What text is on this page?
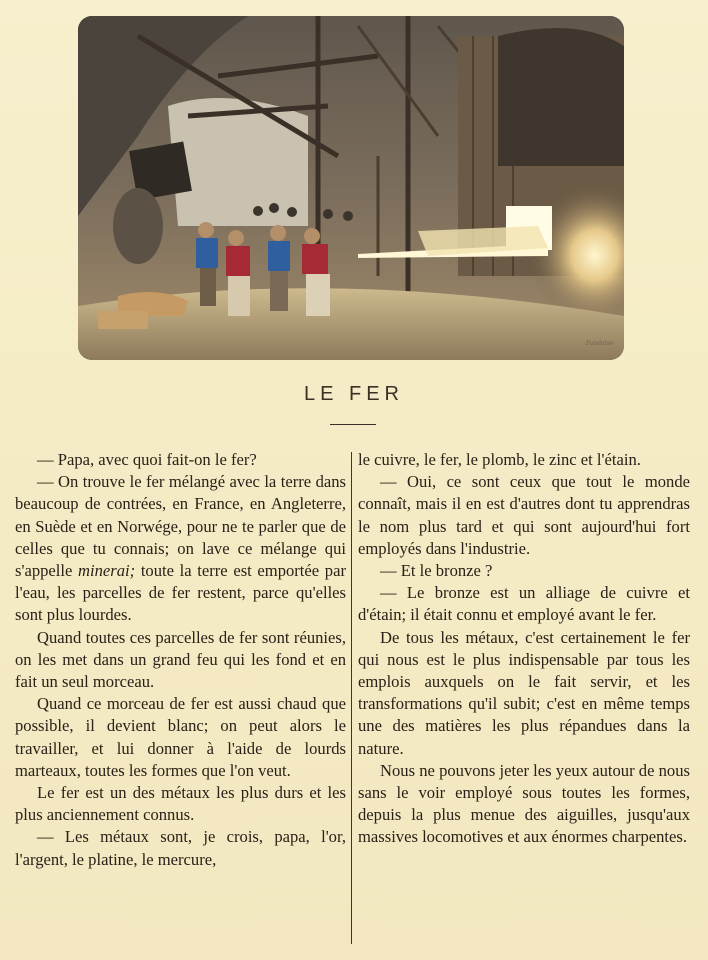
Fandaise
LE FER

— Papa, avec quoi fait-on le fer?

— On trouve le fer mélangé avec la terre dans beaucoup de contrées, en France, en Angleterre, en Suède et en Norwége, pour ne te parler que de celles que tu connais; on lave ce mélange qui s'appelle minerai; toute la terre est emportée par l'eau, les parcelles de fer restent, parce qu'elles sont plus lourdes.

Quand toutes ces parcelles de fer sont réunies, on les met dans un grand feu qui les fond et en fait un seul morceau.

Quand ce morceau de fer est aussi chaud que possible, il devient blanc; on peut alors le travailler, et lui donner à l'aide de lourds marteaux, toutes les formes que l'on veut.

Le fer est un des métaux les plus durs et les plus anciennement connus.

— Les métaux sont, je crois, papa, l'or, l'argent, le platine, le mercure,

le cuivre, le fer, le plomb, le zinc et l'étain.

— Oui, ce sont ceux que tout le monde connaît, mais il en est d'autres dont tu apprendras le nom plus tard et qui sont aujourd'hui fort employés dans l'industrie.

— Et le bronze ?

— Le bronze est un alliage de cuivre et d'étain; il était connu et employé avant le fer.

De tous les métaux, c'est certainement le fer qui nous est le plus indispensable par tous les emplois auxquels on le fait servir, et les transformations qu'il subit; c'est en même temps une des matières les plus répandues dans la nature.

Nous ne pouvons jeter les yeux autour de nous sans le voir employé sous toutes les formes, depuis la plus menue des aiguilles, jusqu'aux massives locomotives et aux énormes charpentes.
